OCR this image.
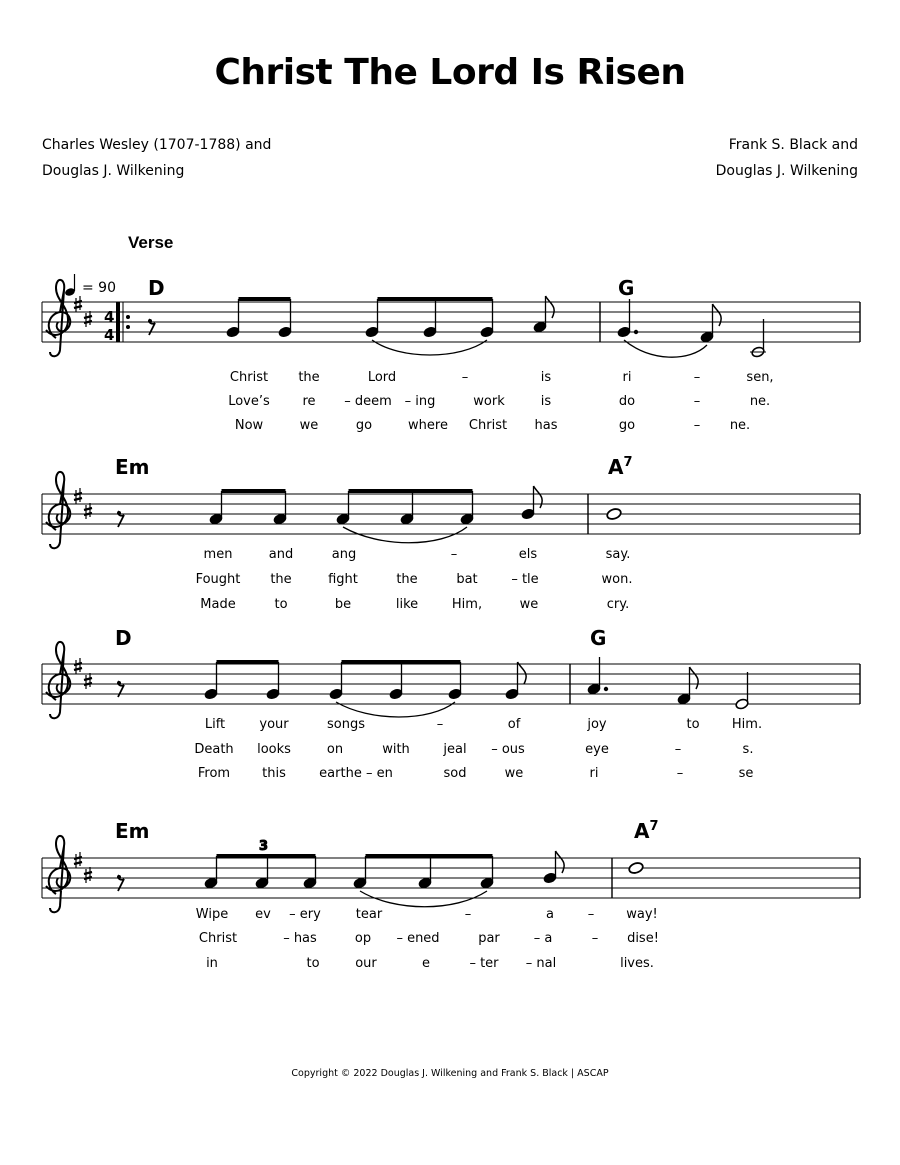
Christ The Lord Is Risen
Charles Wesley (1707-1788) and
Douglas J. Wilkening
Frank S. Black and
Douglas J. Wilkening
Verse
4
4
= 90 D	G
Christ the	Lord	–	is	ri	–	sen,
Love’s	re – deem – ing	work	is	do	–	ne.
Now	we	go	where Christ has	go	– ne.
Em	$A^7$
men	and	ang	–	els	say.
Fought the	fight	the	bat	– tle	won.
Made	to	be	like	Him,	we	cry.
D	G
Lift	your	songs	–	of	joy	to Him.
Death looks	on	with	jeal – ous	eye	–	s.
From this	earthe – en	sod	we	ri	–	se
Em	$A^7$
3
Wipe ev – ery	tear	–	a	– way!
Christ	– has	op – ened	par	– a	– dise!
in	to	our	e	– ter – nal	lives.
Copyright © 2022 Douglas J. Wilkening and Frank S. Black | ASCAP
